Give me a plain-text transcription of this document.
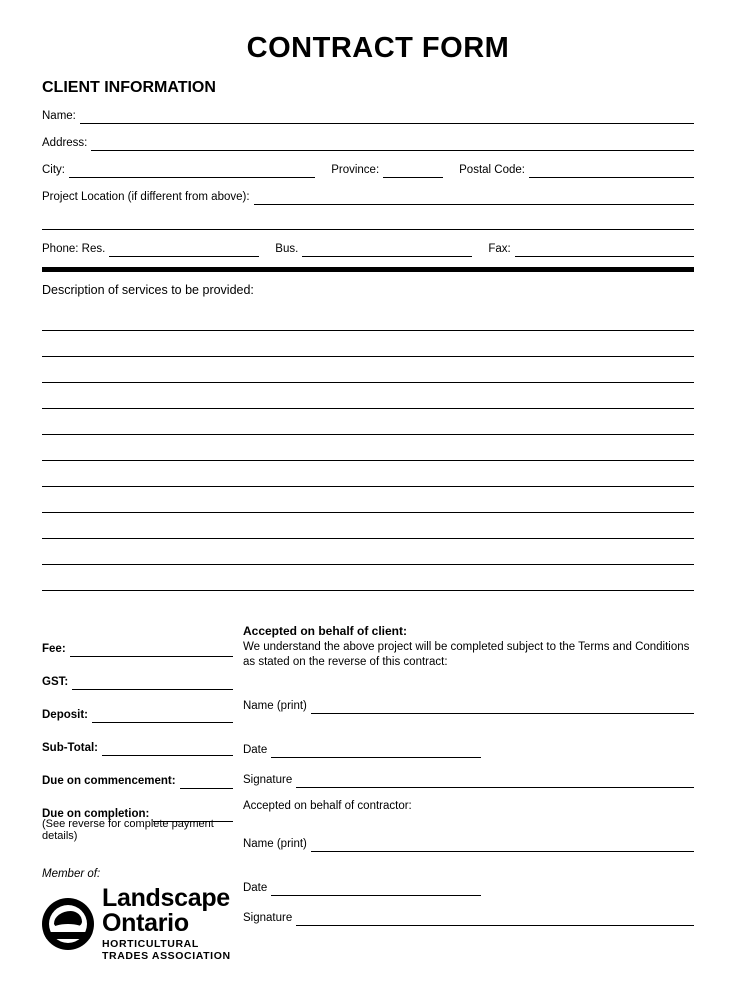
CONTRACT FORM
CLIENT INFORMATION
Name:
Address:
City:	Province:	Postal Code:
Project Location (if different from above):
Phone: Res.	Bus.	Fax:
Description of services to be provided:
Fee:
GST:
Deposit:
Sub-Total:
Due on commencement:
Due on completion:
(See reverse for complete payment details)
Member of:
Landscape Ontario
HORTICULTURAL TRADES ASSOCIATION
Accepted on behalf of client:
We understand the above project will be completed subject to the Terms and Conditions as stated on the reverse of this contract:
Name (print)
Date
Signature
Accepted on behalf of contractor:
Name (print)
Date
Signature
